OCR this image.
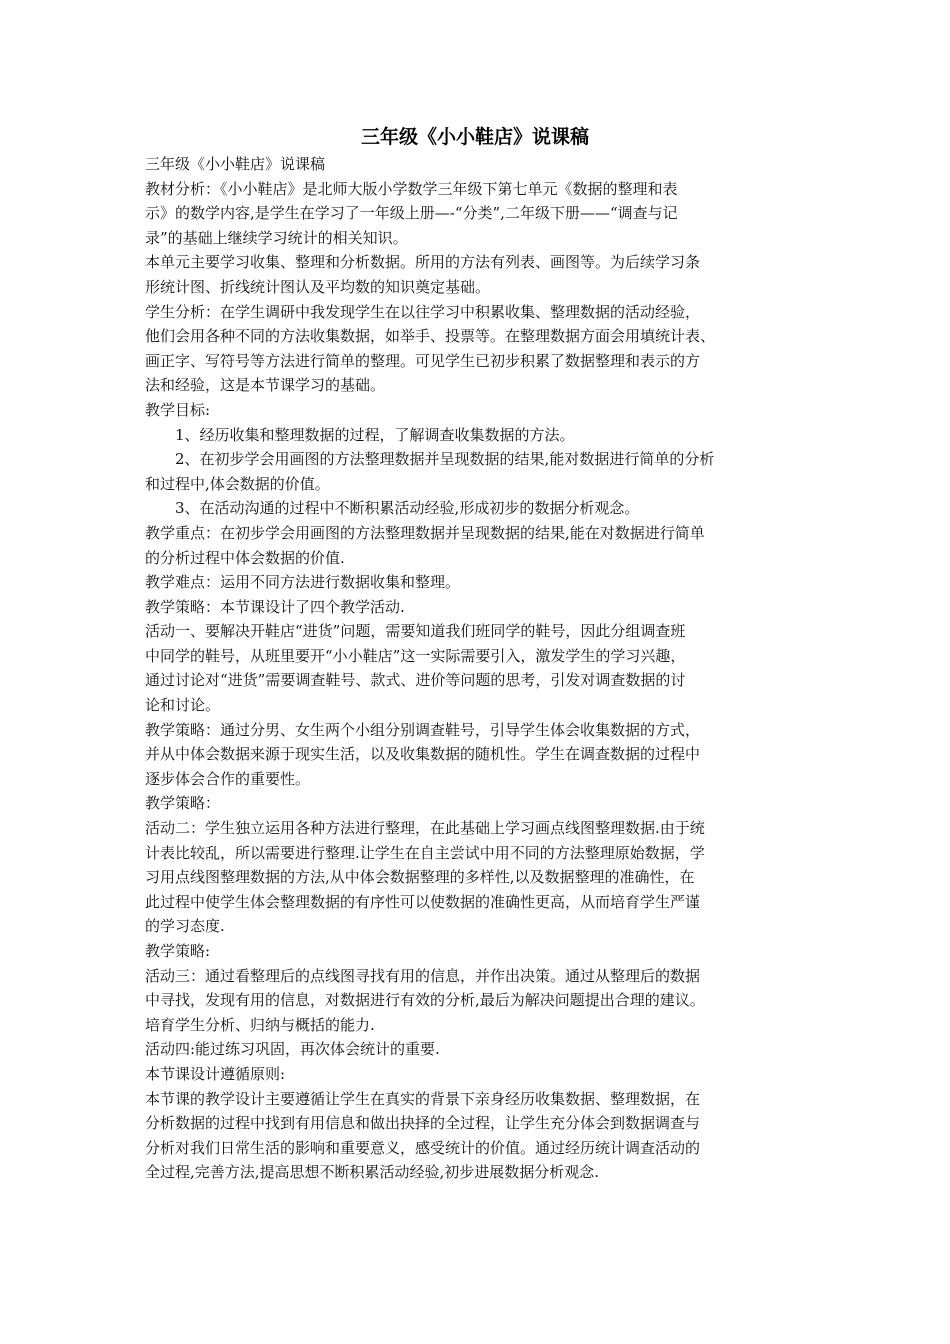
三年级《小小鞋店》说课稿
三年级《小小鞋店》说课稿
教材分析：《小小鞋店》是北师大版小学数学三年级下第七单元《数据的整理和表
示》的数学内容,是学生在学习了一年级上册—-“分类”,二年级下册——“调查与记
录”的基础上继续学习统计的相关知识。
本单元主要学习收集、整理和分析数据。所用的方法有列表、画图等。为后续学习条
形统计图、折线统计图认及平均数的知识奠定基础。
学生分析：在学生调研中我发现学生在以往学习中积累收集、整理数据的活动经验，
他们会用各种不同的方法收集数据，如举手、投票等。在整理数据方面会用填统计表、
画正字、写符号等方法进行简单的整理。可见学生已初步积累了数据整理和表示的方
法和经验，这是本节课学习的基础。
教学目标:
1、经历收集和整理数据的过程，了解调查收集数据的方法。
2、在初步学会用画图的方法整理数据并呈现数据的结果,能对数据进行简单的分析
和过程中,体会数据的价值。
3、在活动沟通的过程中不断积累活动经验,形成初步的数据分析观念。
教学重点：在初步学会用画图的方法整理数据并呈现数据的结果,能在对数据进行简单
的分析过程中体会数据的价值.
教学难点：运用不同方法进行数据收集和整理。
教学策略：本节课设计了四个教学活动.
活动一、要解决开鞋店“进货”问题，需要知道我们班同学的鞋号，因此分组调查班
中同学的鞋号，从班里要开“小小鞋店”这一实际需要引入，激发学生的学习兴趣，
通过讨论对“进货”需要调查鞋号、款式、进价等问题的思考，引发对调查数据的讨
论和讨论。
教学策略：通过分男、女生两个小组分别调查鞋号，引导学生体会收集数据的方式，
并从中体会数据来源于现实生活，以及收集数据的随机性。学生在调查数据的过程中
逐步体会合作的重要性。
教学策略：
活动二：学生独立运用各种方法进行整理，在此基础上学习画点线图整理数据.由于统
计表比较乱，所以需要进行整理.让学生在自主尝试中用不同的方法整理原始数据，学
习用点线图整理数据的方法,从中体会数据整理的多样性,以及数据整理的准确性，在
此过程中使学生体会整理数据的有序性可以使数据的准确性更高，从而培育学生严谨
的学习态度.
教学策略:
活动三：通过看整理后的点线图寻找有用的信息，并作出决策。通过从整理后的数据
中寻找，发现有用的信息，对数据进行有效的分析,最后为解决问题提出合理的建议。
培育学生分析、归纳与概括的能力.
活动四:能过练习巩固，再次体会统计的重要.
本节课设计遵循原则:
本节课的教学设计主要遵循让学生在真实的背景下亲身经历收集数据、整理数据，在
分析数据的过程中找到有用信息和做出抉择的全过程，让学生充分体会到数据调查与
分析对我们日常生活的影响和重要意义，感受统计的价值。通过经历统计调查活动的
全过程,完善方法,提高思想不断积累活动经验,初步进展数据分析观念.
